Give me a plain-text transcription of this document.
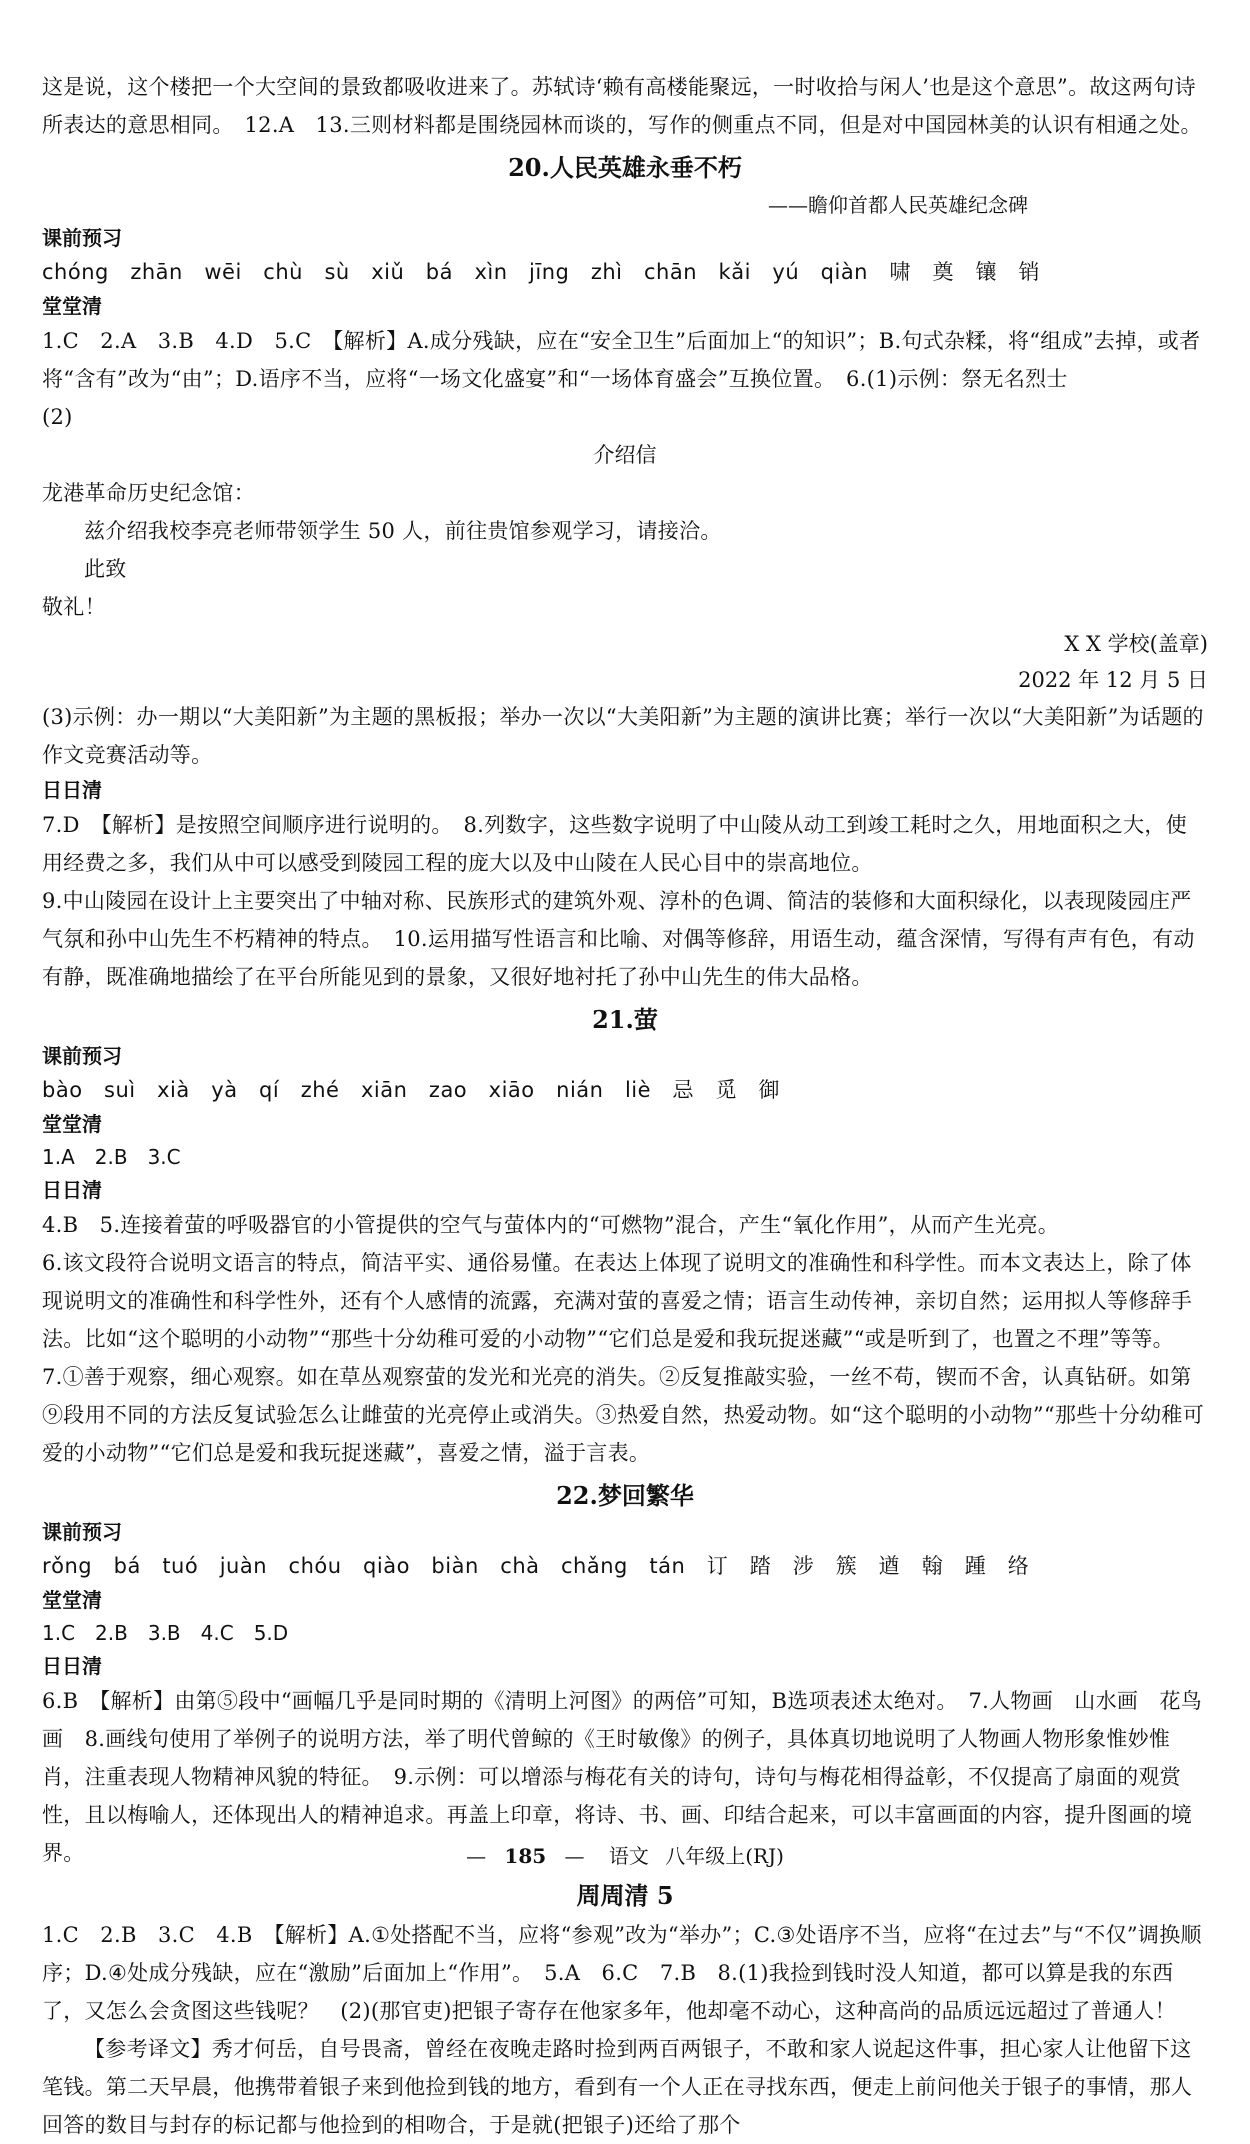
这是说，这个楼把一个大空间的景致都吸收进来了。苏轼诗‘赖有高楼能聚远，一时收拾与闲人’也是这个意思”。故这两句诗所表达的意思相同。　12.A　13.三则材料都是围绕园林而谈的，写作的侧重点不同，但是对中国园林美的认识有相通之处。

20.人民英雄永垂不朽
——瞻仰首都人民英雄纪念碑
课前预习
chóng　zhān　wēi　chù　sù　xiǔ　bá　xìn　jīng　zhì　chān　kǎi　yú　qiàn　啸　奠　镶　销
堂堂清

1.C　2.A　3.B　4.D　5.C　【解析】A.成分残缺，应在“安全卫生”后面加上“的知识”；B.句式杂糅，将“组成”去掉，或者将“含有”改为“由”；D.语序不当，应将“一场文化盛宴”和“一场体育盛会”互换位置。　6.(1)示例：祭无名烈士

(2)

介绍信

龙港革命历史纪念馆：

兹介绍我校李亮老师带领学生 50 人，前往贵馆参观学习，请接洽。

此致

敬礼！

X X 学校(盖章)
2022 年 12 月 5 日

(3)示例：办一期以“大美阳新”为主题的黑板报；举办一次以“大美阳新”为主题的演讲比赛；举行一次以“大美阳新”为话题的作文竞赛活动等。

日日清

7.D　【解析】是按照空间顺序进行说明的。　8.列数字，这些数字说明了中山陵从动工到竣工耗时之久，用地面积之大，使用经费之多，我们从中可以感受到陵园工程的庞大以及中山陵在人民心目中的崇高地位。

9.中山陵园在设计上主要突出了中轴对称、民族形式的建筑外观、淳朴的色调、简洁的装修和大面积绿化，以表现陵园庄严气氛和孙中山先生不朽精神的特点。　10.运用描写性语言和比喻、对偶等修辞，用语生动，蕴含深情，写得有声有色，有动有静，既准确地描绘了在平台所能见到的景象，又很好地衬托了孙中山先生的伟大品格。

21.萤
课前预习
bào　suì　xià　yà　qí　zhé　xiān　zao　xiāo　nián　liè　忌　觅　御
堂堂清
1.A　2.B　3.C
日日清

4.B　5.连接着萤的呼吸器官的小管提供的空气与萤体内的“可燃物”混合，产生“氧化作用”，从而产生光亮。

6.该文段符合说明文语言的特点，简洁平实、通俗易懂。在表达上体现了说明文的准确性和科学性。而本文表达上，除了体现说明文的准确性和科学性外，还有个人感情的流露，充满对萤的喜爱之情；语言生动传神，亲切自然；运用拟人等修辞手法。比如“这个聪明的小动物”“那些十分幼稚可爱的小动物”“它们总是爱和我玩捉迷藏”“或是听到了，也置之不理”等等。　7.①善于观察，细心观察。如在草丛观察萤的发光和光亮的消失。②反复推敲实验，一丝不苟，锲而不舍，认真钻研。如第⑨段用不同的方法反复试验怎么让雌萤的光亮停止或消失。③热爱自然，热爱动物。如“这个聪明的小动物”“那些十分幼稚可爱的小动物”“它们总是爱和我玩捉迷藏”，喜爱之情，溢于言表。

22.梦回繁华
课前预习
rǒng　bá　tuó　juàn　chóu　qiào　biàn　chà　chǎng　tán　订　踏　涉　簇　遒　翰　踵　络
堂堂清
1.C　2.B　3.B　4.C　5.D
日日清

6.B　【解析】由第⑤段中“画幅几乎是同时期的《清明上河图》的两倍”可知，B选项表述太绝对。　7.人物画　山水画　花鸟画　8.画线句使用了举例子的说明方法，举了明代曾鲸的《王时敏像》的例子，具体真切地说明了人物画人物形象惟妙惟肖，注重表现人物精神风貌的特征。　9.示例：可以增添与梅花有关的诗句，诗句与梅花相得益彰，不仅提高了扇面的观赏性，且以梅喻人，还体现出人的精神追求。再盖上印章，将诗、书、画、印结合起来，可以丰富画面的内容，提升图画的境界。

周周清 5

1.C　2.B　3.C　4.B　【解析】A.①处搭配不当，应将“参观”改为“举办”；C.③处语序不当，应将“在过去”与“不仅”调换顺序；D.④处成分残缺，应在“激励”后面加上“作用”。　5.A　6.C　7.B　8.(1)我捡到钱时没人知道，都可以算是我的东西了，又怎么会贪图这些钱呢？　(2)(那官吏)把银子寄存在他家多年，他却毫不动心，这种高尚的品质远远超过了普通人！

【参考译文】秀才何岳，自号畏斋，曾经在夜晚走路时捡到两百两银子，不敢和家人说起这件事，担心家人让他留下这笔钱。第二天早晨，他携带着银子来到他捡到钱的地方，看到有一个人正在寻找东西，便走上前问他关于银子的事情，那人回答的数目与封存的标记都与他捡到的相吻合，于是就(把银子)还给了那个

— 185 — 语文 八年级上(RJ)
